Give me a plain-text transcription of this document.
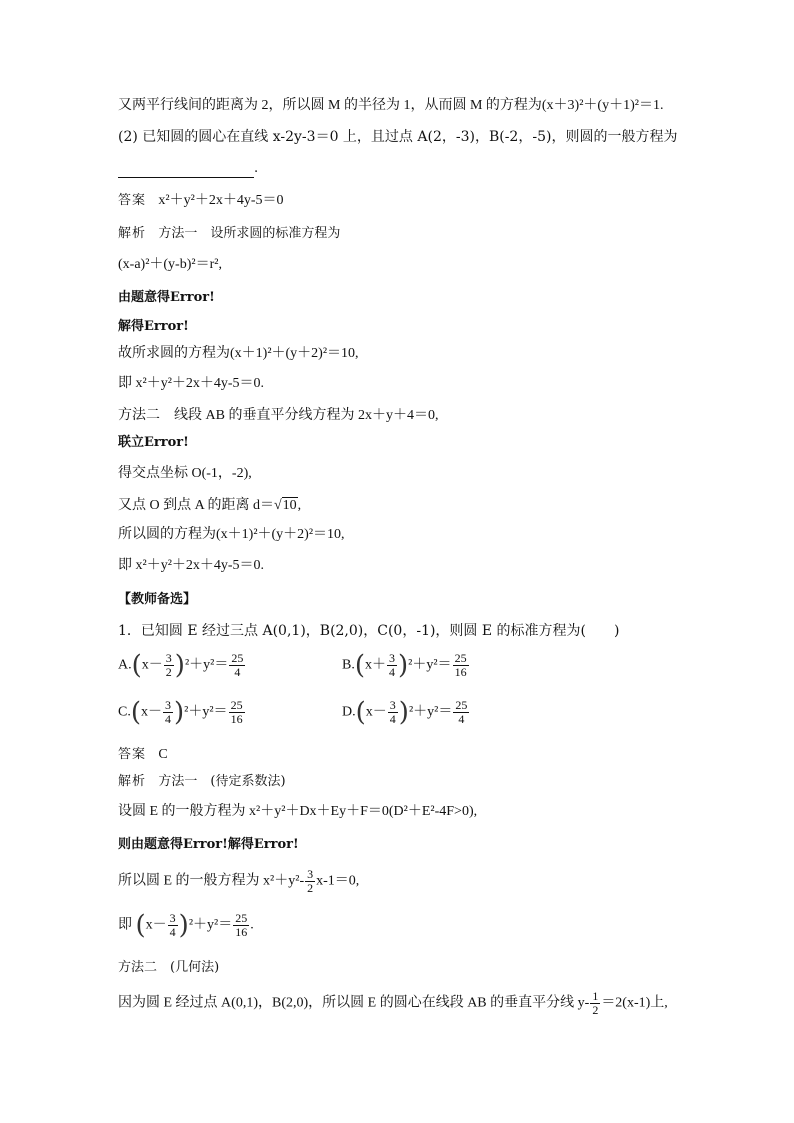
又两平行线间的距离为 2，所以圆 M 的半径为 1，从而圆 M 的方程为(x＋3)²＋(y＋1)²＝1.
(2) 已知圆的圆心在直线 x-2y-3＝0 上，且过点 A(2，-3)，B(-2，-5)，则圆的一般方程为
.
答案 x²＋y²＋2x＋4y-5＝0
解析 方法一　设所求圆的标准方程为
(x-a)²＋(y-b)²＝r²,
由题意得Error!
解得Error!
故所求圆的方程为(x＋1)²＋(y＋2)²＝10,
即 x²＋y²＋2x＋4y-5＝0.
方法二　线段 AB 的垂直平分线方程为 2x＋y＋4＝0,
联立Error!
得交点坐标 O(-1，-2),
又点 O 到点 A 的距离 d＝√10,
所以圆的方程为(x＋1)²＋(y＋2)²＝10,
即 x²＋y²＋2x＋4y-5＝0.
【教师备选】
1．已知圆 E 经过三点 A(0,1)，B(2,0)，C(0，-1)，则圆 E 的标准方程为(　　)
$A.(x- \frac{3}{2} )^2+y^2= \frac{25}{4}$	$B.(x+ \frac{3}{4} )^2+y^2= \frac{25}{16}$
$C.(x- \frac{3}{4} )^2+y^2= \frac{25}{16}$	$D.(x- \frac{3}{4} )^2+y^2= \frac{25}{4}$
答案 C
解析 方法一　(待定系数法)
设圆 E 的一般方程为 x²＋y²＋Dx＋Ey＋F＝0(D²＋E²-4F>0),
则由题意得Error!解得Error!
所以圆 E 的一般方程为 $x^2+y^2- \frac{3}{2} x-1=0$,
即 $(x- \frac{3}{4} )^2+y^2= \frac{25}{16}$ .
方法二　(几何法)
因为圆 E 经过点 A(0,1)，B(2,0)，所以圆 E 的圆心在线段 AB 的垂直平分线 $y- \frac{1}{2} =2(x-1)$上,
